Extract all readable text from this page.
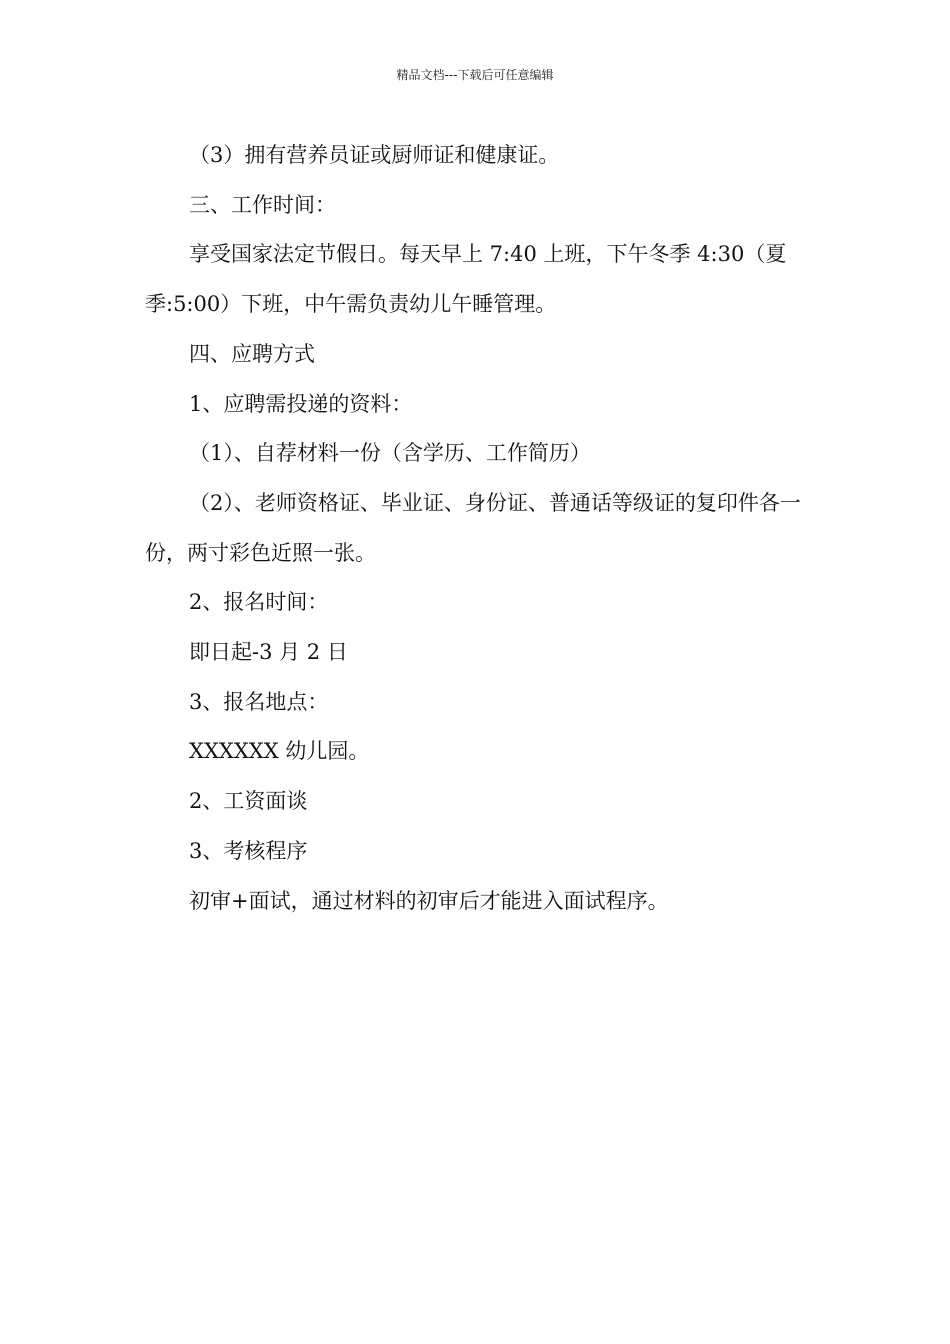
精品文档---下载后可任意编辑

（3）拥有营养员证或厨师证和健康证。

三、工作时间：

享受国家法定节假日。每天早上 7:40 上班，下午冬季 4:30（夏季:5:00）下班，中午需负责幼儿午睡管理。

四、应聘方式

1、应聘需投递的资料：

（1）、自荐材料一份（含学历、工作简历）

（2）、老师资格证、毕业证、身份证、普通话等级证的复印件各一份，两寸彩色近照一张。

2、报名时间：

即日起-3 月 2 日

3、报名地点：

XXXXXX 幼儿园。

2、工资面谈

3、考核程序

初审+面试，通过材料的初审后才能进入面试程序。
